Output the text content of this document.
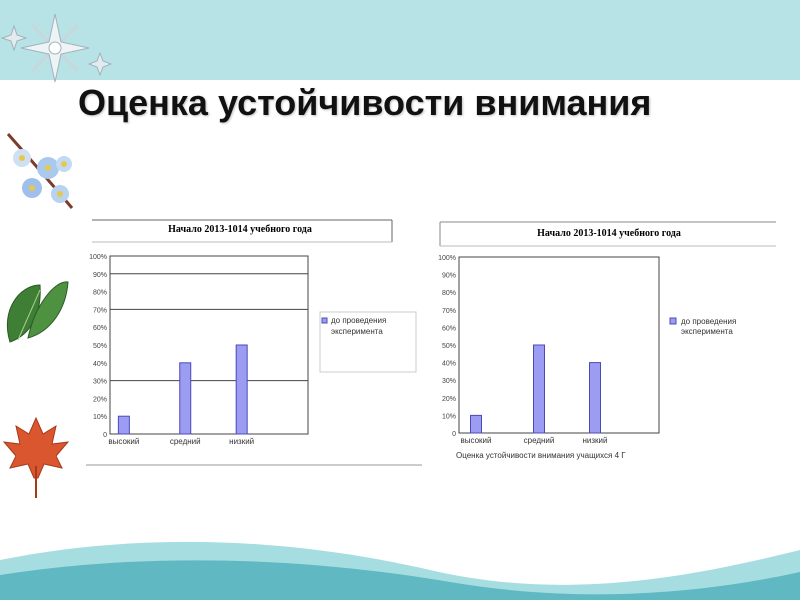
Оценка устойчивости внимания
Начало 2013-1014 учебного года
0
10%
20%
30%
40%
50%
60%
70%
80%
90%
100%
высокий	средний	низкий
до проведения эксперимента
Начало 2013-1014 учебного года
0
10%
20%
30%
40%
50%
60%
70%
80%
90%
100%
высокий	средний	низкий
до проведения эксперимента
Оценка устойчивости внимания учащихся 4 Г
